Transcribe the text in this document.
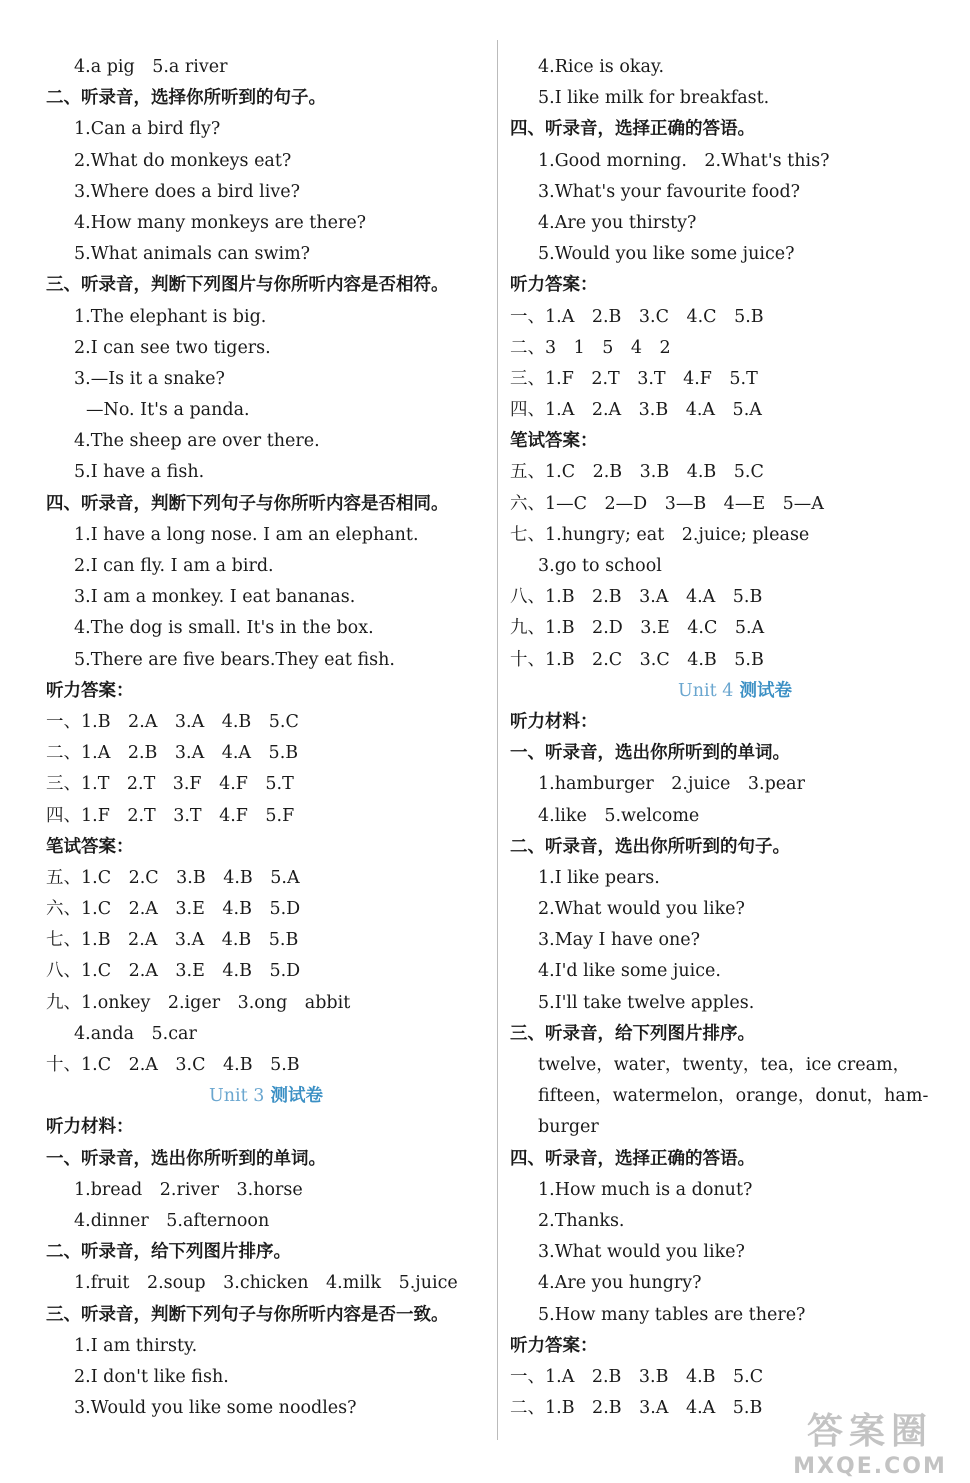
4.a pig　5.a river
二、听录音，选择你所听到的句子。
1.Can a bird fly?
2.What do monkeys eat?
3.Where does a bird live?
4.How many monkeys are there?
5.What animals can swim?
三、听录音，判断下列图片与你所听内容是否相符。
1.The elephant is big.
2.I can see two tigers.
3.—Is it a snake?
—No. It's a panda.
4.The sheep are over there.
5.I have a fish.
四、听录音，判断下列句子与你所听内容是否相同。
1.I have a long nose. I am an elephant.
2.I can fly. I am a bird.
3.I am a monkey. I eat bananas.
4.The dog is small. It's in the box.
5.There are five bears.They eat fish.
听力答案：
一、1.B　2.A　3.A　4.B　5.C
二、1.A　2.B　3.A　4.A　5.B
三、1.T　2.T　3.F　4.F　5.T
四、1.F　2.T　3.T　4.F　5.F
笔试答案：
五、1.C　2.C　3.B　4.B　5.A
六、1.C　2.A　3.E　4.B　5.D
七、1.B　2.A　3.A　4.B　5.B
八、1.C　2.A　3.E　4.B　5.D
九、1.onkey　2.iger　3.ong　abbit
4.anda　5.car
十、1.C　2.A　3.C　4.B　5.B
Unit 3 测试卷
听力材料：
一、听录音，选出你所听到的单词。
1.bread　2.river　3.horse
4.dinner　5.afternoon
二、听录音，给下列图片排序。
1.fruit　2.soup　3.chicken　4.milk　5.juice
三、听录音，判断下列句子与你所听内容是否一致。
1.I am thirsty.
2.I don't like fish.
3.Would you like some noodles?
4.Rice is okay.
5.I like milk for breakfast.
四、听录音，选择正确的答语。
1.Good morning.　2.What's this?
3.What's your favourite food?
4.Are you thirsty?
5.Would you like some juice?
听力答案：
一、1.A　2.B　3.C　4.C　5.B
二、3　1　5　4　2
三、1.F　2.T　3.T　4.F　5.T
四、1.A　2.A　3.B　4.A　5.A
笔试答案：
五、1.C　2.B　3.B　4.B　5.C
六、1—C　2—D　3—B　4—E　5—A
七、1.hungry; eat　2.juice; please
3.go to school
八、1.B　2.B　3.A　4.A　5.B
九、1.B　2.D　3.E　4.C　5.A
十、1.B　2.C　3.C　4.B　5.B
Unit 4 测试卷
听力材料：
一、听录音，选出你所听到的单词。
1.hamburger　2.juice　3.pear
4.like　5.welcome
二、听录音，选出你所听到的句子。
1.I like pears.
2.What would you like?
3.May I have one?
4.I'd like some juice.
5.I'll take twelve apples.
三、听录音，给下列图片排序。
twelve，water，twenty，tea，ice cream，
fifteen，watermelon，orange，donut，ham-
burger
四、听录音，选择正确的答语。
1.How much is a donut?
2.Thanks.
3.What would you like?
4.Are you hungry?
5.How many tables are there?
听力答案：
一、1.A　2.B　3.B　4.B　5.C
二、1.B　2.B　3.A　4.A　5.B
答案圈
MXQE.COM
